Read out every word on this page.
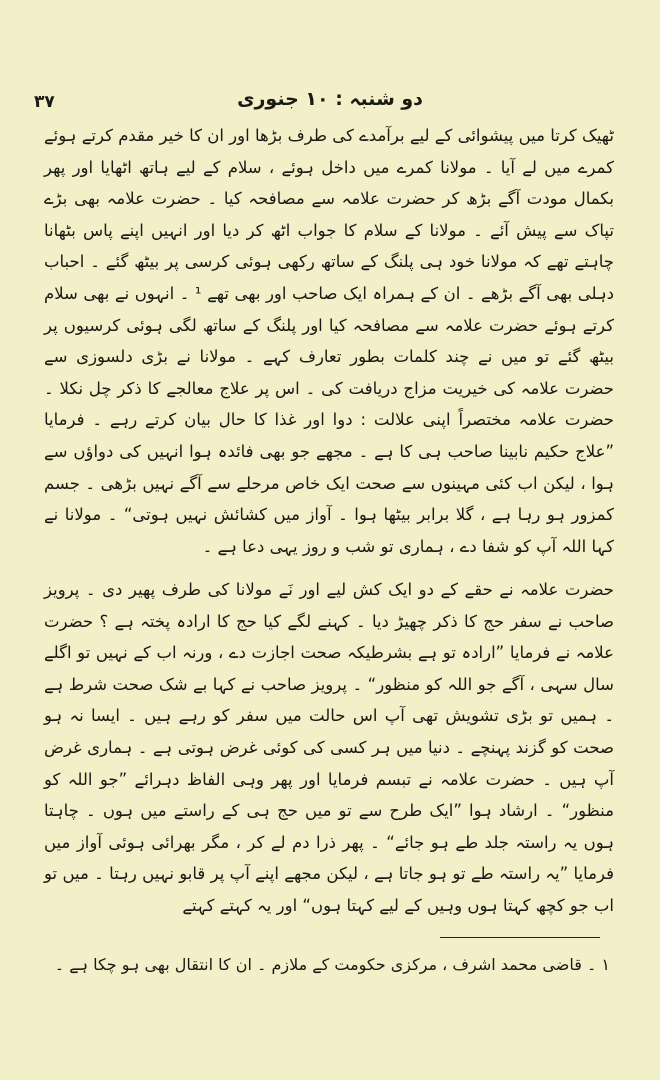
۳۷	دو شنبہ : ۱۰ جنوری

ٹھیک کرتا میں پیشوائی کے لیے برآمدے کی طرف بڑھا اور ان کا خیر مقدم کرتے ہوئے کمرے میں لے آیا ۔ مولانا کمرے میں داخل ہوئے ، سلام کے لیے ہاتھ اٹھایا اور پھر بکمال مودت آگے بڑھ کر حضرت علامہ سے مصافحہ کیا ۔ حضرت علامہ بھی بڑے تپاک سے پیش آئے ۔ مولانا کے سلام کا جواب اٹھ کر دیا اور انہیں اپنے پاس بٹھانا چاہتے تھے کہ مولانا خود ہی پلنگ کے ساتھ رکھی ہوئی کرسی پر بیٹھ گئے ۔ احباب دہلی بھی آگے بڑھے ۔ ان کے ہمراہ ایک صاحب اور بھی تھے ¹ ۔ انہوں نے بھی سلام کرتے ہوئے حضرت علامہ سے مصافحہ کیا اور پلنگ کے ساتھ لگی ہوئی کرسیوں پر بیٹھ گئے تو میں نے چند کلمات بطور تعارف کہے ۔ مولانا نے بڑی دلسوزی سے حضرت علامہ کی خیریت مزاج دریافت کی ۔ اس پر علاج معالجے کا ذکر چل نکلا ۔ حضرت علامہ مختصراً اپنی علالت : دوا اور غذا کا حال بیان کرتے رہے ۔ فرمایا ”علاج حکیم نابینا صاحب ہی کا ہے ۔ مجھے جو بھی فائدہ ہوا انہیں کی دواؤں سے ہوا ، لیکن اب کئی مہینوں سے صحت ایک خاص مرحلے سے آگے نہیں بڑھی ۔ جسم کمزور ہو رہا ہے ، گلا برابر بیٹھا ہوا ۔ آواز میں کشائش نہیں ہوتی“ ۔ مولانا نے کہا اللہ آپ کو شفا دے ، ہماری تو شب و روز یہی دعا ہے ۔

حضرت علامہ نے حقے کے دو ایک کش لیے اور نَے مولانا کی طرف پھیر دی ۔ پرویز صاحب نے سفر حج کا ذکر چھیڑ دیا ۔ کہنے لگے کیا حج کا ارادہ پختہ ہے ؟ حضرت علامہ نے فرمایا ”ارادہ تو ہے بشرطیکہ صحت اجازت دے ، ورنہ اب کے نہیں تو اگلے سال سہی ، آگے جو اللہ کو منظور“ ۔ پرویز صاحب نے کہا بے شک صحت شرط ہے ۔ ہمیں تو بڑی تشویش تھی آپ اس حالت میں سفر کو رہے ہیں ۔ ایسا نہ ہو صحت کو گزند پہنچے ۔ دنیا میں ہر کسی کی کوئی غرض ہوتی ہے ۔ ہماری غرض آپ ہیں ۔ حضرت علامہ نے تبسم فرمایا اور پھر وہی الفاظ دہرائے ”جو اللہ کو منظور“ ۔ ارشاد ہوا ”ایک طرح سے تو میں حج ہی کے راستے میں ہوں ۔ چاہتا ہوں یہ راستہ جلد طے ہو جائے“ ۔ پھر ذرا دم لے کر ، مگر بھرائی ہوئی آواز میں فرمایا ”یہ راستہ طے تو ہو جاتا ہے ، لیکن مجھے اپنے آپ پر قابو نہیں رہتا ۔ میں تو اب جو کچھ کہتا ہوں وہیں کے لیے کہتا ہوں“ اور یہ کہتے کہتے

۱ ۔ قاضی محمد اشرف ، مرکزی حکومت کے ملازم ۔ ان کا انتقال بھی ہو چکا ہے ۔
